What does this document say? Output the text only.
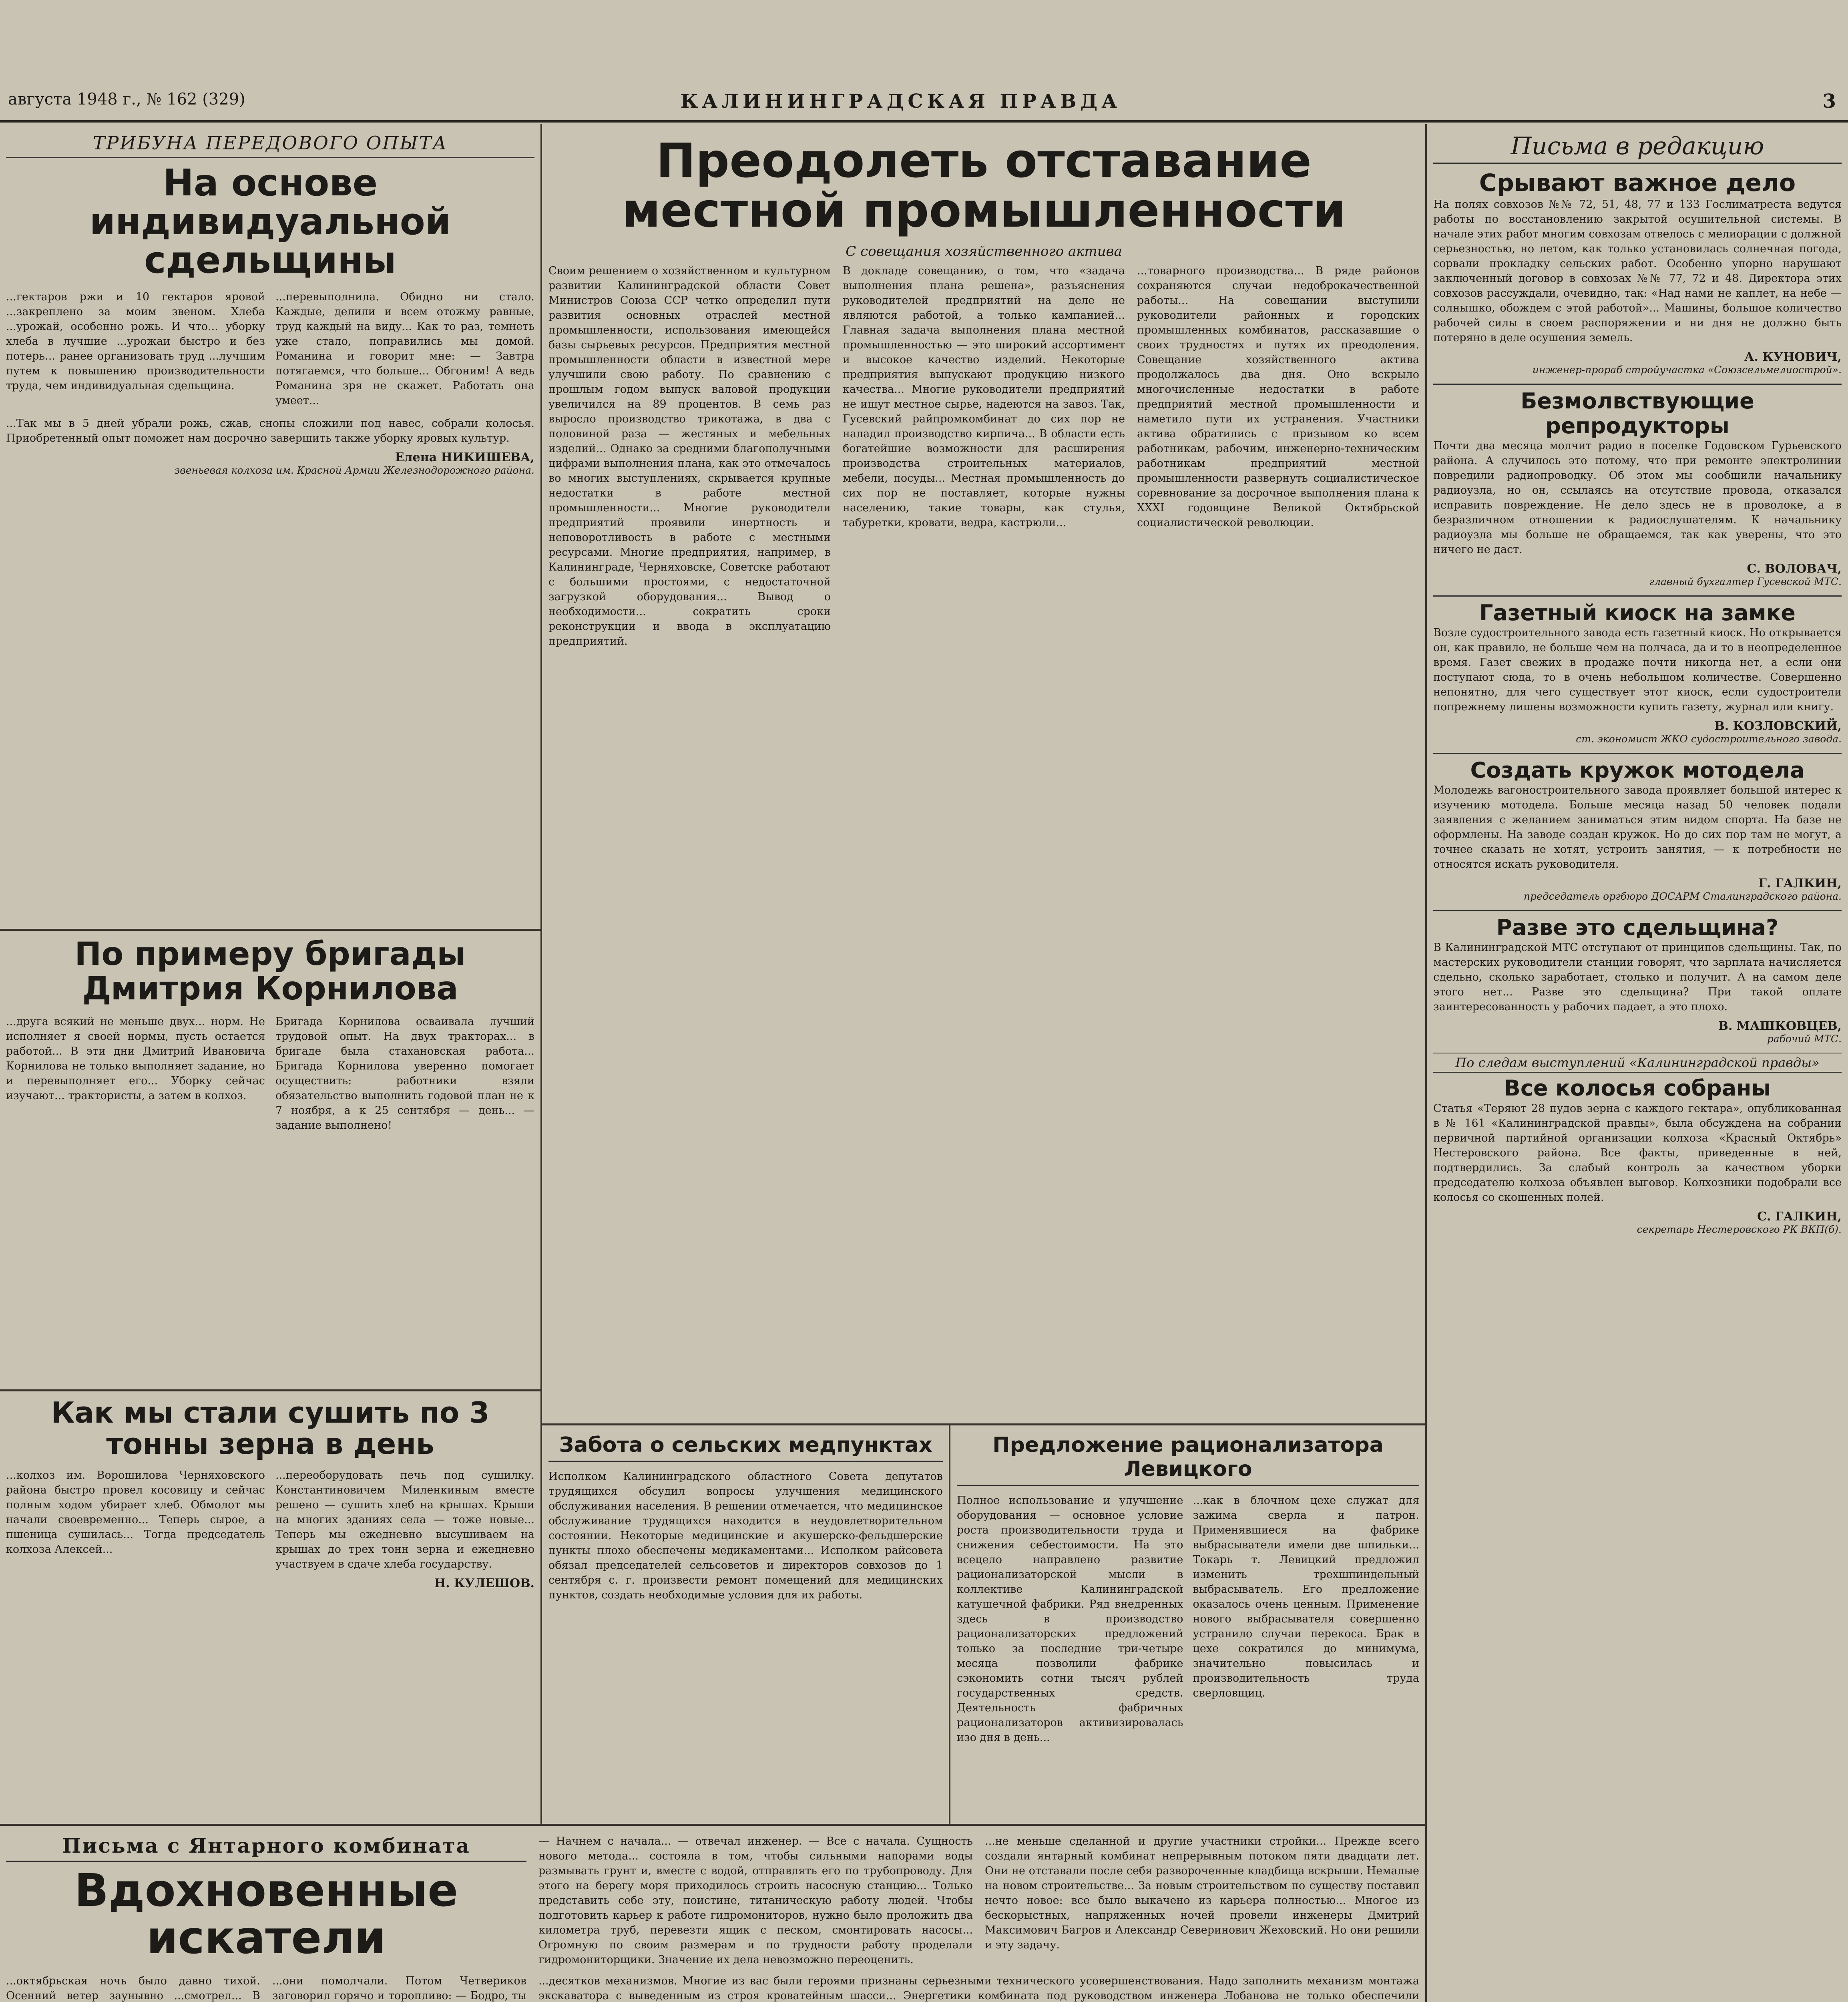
августа 1948 г., № 162 (329)	КАЛИНИНГРАДСКАЯ ПРАВДА	3
ТРИБУНА ПЕРЕДОВОГО ОПЫТА
На основе индивидуальной сдельщины
...гектаров ржи и 10 гектаров яровой ...закреплено за моим звеном. Хлеба ...урожай, особенно рожь. И что... уборку хлеба в лучшие ...урожаи быстро и без потерь... ранее организовать труд ...лучшим путем к повышению производительности труда, чем индивидуальная сдельщина.
...перевыполнила. Обидно ни стало. Каждые, делили и всем отожму равные, труд каждый на виду... Как то раз, темнеть уже стало, поправились мы домой. Романина и говорит мне: — Завтра потягаемся, что больше... Обгоним! А ведь Романина зря не скажет. Работать она умеет...
...Так мы в 5 дней убрали рожь, сжав, снопы сложили под навес, собрали колосья. Приобретенный опыт поможет нам досрочно завершить также уборку яровых культур.
Елена НИКИШЕВА,
звеньевая колхоза им. Красной Армии Железнодорожного района.
По примеру бригады Дмитрия Корнилова
...друга всякий не меньше двух... норм. Не исполняет я своей нормы, пусть остается работой... В эти дни Дмитрий Ивановича Корнилова не только выполняет задание, но и перевыполняет его... Уборку сейчас изучают... трактористы, а затем в колхоз.
Бригада Корнилова осваивала лучший трудовой опыт. На двух тракторах... в бригаде была стахановская работа... Бригада Корнилова уверенно помогает осуществить: работники взяли обязательство выполнить годовой план не к 7 ноября, а к 25 сентября — день... — задание выполнено!
Как мы стали сушить по 3 тонны зерна в день
...колхоз им. Ворошилова Черняховского района быстро провел косовицу и сейчас полным ходом убирает хлеб. Обмолот мы начали своевременно... Теперь сырое, а пшеница сушилась... Тогда председатель колхоза Алексей...
...переоборудовать печь под сушилку. Константиновичем Миленкиным вместе решено — сушить хлеб на крышах. Крыши на многих зданиях села — тоже новые... Теперь мы ежедневно высушиваем на крышах до трех тонн зерна и ежедневно участвуем в сдаче хлеба государству.
Н. КУЛЕШОВ.
Преодолеть отставание местной промышленности
С совещания хозяйственного актива
Своим решением о хозяйственном и культурном развитии Калининградской области Совет Министров Союза ССР четко определил пути развития основных отраслей местной промышленности, использования имеющейся базы сырьевых ресурсов. Предприятия местной промышленности области в известной мере улучшили свою работу. По сравнению с прошлым годом выпуск валовой продукции увеличился на 89 процентов. В семь раз выросло производство трикотажа, в два с половиной раза — жестяных и мебельных изделий... Однако за средними благополучными цифрами выполнения плана, как это отмечалось во многих выступлениях, скрывается крупные недостатки в работе местной промышленности... Многие руководители предприятий проявили инертность и неповоротливость в работе с местными ресурсами. Многие предприятия, например, в Калининграде, Черняховске, Советске работают с большими простоями, с недостаточной загрузкой оборудования... Вывод о необходимости... сократить сроки реконструкции и ввода в эксплуатацию предприятий.
В докладе совещанию, о том, что «задача выполнения плана решена», разъяснения руководителей предприятий на деле не являются работой, а только кампанией... Главная задача выполнения плана местной промышленностью — это широкий ассортимент и высокое качество изделий. Некоторые предприятия выпускают продукцию низкого качества... Многие руководители предприятий не ищут местное сырье, надеются на завоз. Так, Гусевский райпромкомбинат до сих пор не наладил производство кирпича... В области есть богатейшие возможности для расширения производства строительных материалов, мебели, посуды... Местная промышленность до сих пор не поставляет, которые нужны населению, такие товары, как стулья, табуретки, кровати, ведра, кастрюли...
...товарного производства... В ряде районов сохраняются случаи недоброкачественной работы... На совещании выступили руководители районных и городских промышленных комбинатов, рассказавшие о своих трудностях и путях их преодоления. Совещание хозяйственного актива продолжалось два дня. Оно вскрыло многочисленные недостатки в работе предприятий местной промышленности и наметило пути их устранения. Участники актива обратились с призывом ко всем работникам, рабочим, инженерно-техническим работникам предприятий местной промышленности развернуть социалистическое соревнование за досрочное выполнения плана к XXXI годовщине Великой Октябрьской социалистической революции.
Забота о сельских медпунктах
Исполком Калининградского областного Совета депутатов трудящихся обсудил вопросы улучшения медицинского обслуживания населения. В решении отмечается, что медицинское обслуживание трудящихся находится в неудовлетворительном состоянии. Некоторые медицинские и акушерско-фельдшерские пункты плохо обеспечены медикаментами... Исполком райсовета обязал председателей сельсоветов и директоров совхозов до 1 сентября с. г. произвести ремонт помещений для медицинских пунктов, создать необходимые условия для их работы.
Предложение рационализатора Левицкого
Полное использование и улучшение оборудования — основное условие роста производительности труда и снижения себестоимости. На это всецело направлено развитие рационализаторской мысли в коллективе Калининградской катушечной фабрики. Ряд внедренных здесь в производство рационализаторских предложений только за последние три-четыре месяца позволили фабрике сэкономить сотни тысяч рублей государственных средств. Деятельность фабричных рационализаторов активизировалась изо дня в день...
...как в блочном цехе служат для зажима сверла и патрон. Применявшиеся на фабрике выбрасыватели имели две шпильки... Токарь т. Левицкий предложил изменить трехшпиндельный выбрасыватель. Его предложение оказалось очень ценным. Применение нового выбрасывателя совершенно устранило случаи перекоса. Брак в цехе сократился до минимума, значительно повысилась и производительность труда сверловщиц.
Письма в редакцию
Срывают важное дело
На полях совхозов №№ 72, 51, 48, 77 и 133 Гослиматреста ведутся работы по восстановлению закрытой осушительной системы. В начале этих работ многим совхозам отвелось с мелиорации с должной серьезностью, но летом, как только установилась солнечная погода, сорвали прокладку сельских работ. Особенно упорно нарушают заключенный договор в совхозах №№ 77, 72 и 48. Директора этих совхозов рассуждали, очевидно, так: «Над нами не каплет, на небе — солнышко, обождем с этой работой»... Машины, большое количество рабочей силы в своем распоряжении и ни дня не должно быть потеряно в деле осушения земель.
А. КУНОВИЧ,
инженер-прораб стройучастка «Союзсельмелиострой».
Безмолвствующие репродукторы
Почти два месяца молчит радио в поселке Годовском Гурьевского района. А случилось это потому, что при ремонте электролинии повредили радиопроводку. Об этом мы сообщили начальнику радиоузла, но он, ссылаясь на отсутствие провода, отказался исправить повреждение. Не дело здесь не в проволоке, а в безразличном отношении к радиослушателям. К начальнику радиоузла мы больше не обращаемся, так как уверены, что это ничего не даст.
С. ВОЛОВАЧ,
главный бухгалтер Гусевской МТС.
Газетный киоск на замке
Возле судостроительного завода есть газетный киоск. Но открывается он, как правило, не больше чем на полчаса, да и то в неопределенное время. Газет свежих в продаже почти никогда нет, а если они поступают сюда, то в очень небольшом количестве. Совершенно непонятно, для чего существует этот киоск, если судостроители попрежнему лишены возможности купить газету, журнал или книгу.
В. КОЗЛОВСКИЙ,
ст. экономист ЖКО судостроительного завода.
Создать кружок мотодела
Молодежь вагоностроительного завода проявляет большой интерес к изучению мотодела. Больше месяца назад 50 человек подали заявления с желанием заниматься этим видом спорта. На базе не оформлены. На заводе создан кружок. Но до сих пор там не могут, а точнее сказать не хотят, устроить занятия, — к потребности не относятся искать руководителя.
Г. ГАЛКИН,
председатель оргбюро ДОСАРМ Сталинградского района.
Разве это сдельщина?
В Калининградской МТС отступают от принципов сдельщины. Так, по мастерских руководители станции говорят, что зарплата начисляется сдельно, сколько заработает, столько и получит. А на самом деле этого нет... Разве это сдельщина? При такой оплате заинтересованность у рабочих падает, а это плохо.
В. МАШКОВЦЕВ,
рабочий МТС.
По следам выступлений «Калининградской правды»
Все колосья собраны
Статья «Теряют 28 пудов зерна с каждого гектара», опубликованная в № 161 «Калининградской правды», была обсуждена на собрании первичной партийной организации колхоза «Красный Октябрь» Нестеровского района. Все факты, приведенные в ней, подтвердились. За слабый контроль за качеством уборки председателю колхоза объявлен выговор. Колхозники подобрали все колосья со скошенных полей.
С. ГАЛКИН,
секретарь Нестеровского РК ВКП(б).
Письма с Янтарного комбината
Вдохновенные искатели
— Начнем с начала... — отвечал инженер. — Все с начала. Сущность нового метода... состояла в том, чтобы сильными напорами воды размывать грунт и, вместе с водой, отправлять его по трубопроводу. Для этого на берегу моря приходилось строить насосную станцию... Только представить себе эту, поистине, титаническую работу людей. Чтобы подготовить карьер к работе гидромониторов, нужно было проложить два километра труб, перевезти ящик с песком, смонтировать насосы... Огромную по своим размерам и по трудности работу проделали гидромониторщики. Значение их дела невозможно переоценить.
...не меньше сделанной и другие участники стройки... Прежде всего создали янтарный комбинат непрерывным потоком пяти двадцати лет. Они не отставали после себя развороченные кладбища вскрыши. Немалые на новом строительстве... За новым строительством по существу поставил нечто новое: все было выкачено из карьера полностью... Многое из бескорыстных, напряженных ночей провели инженеры Дмитрий Максимович Багров и Александр Северинович Жеховский. Но они решили и эту задачу.
...октябрьская ночь было давно тихой. Осенний ветер заунывно ...смотрел... В
...они помолчали. Потом Четвериков заговорил горячо и торопливо: — Бодро, ты
...десятков механизмов. Многие из вас были героями признаны серьезными технического усовершенствования. Надо заполнить механизм монтажа экскаватора с выведенным из строя кроватейным шасси... Энергетики комбината под руководством инженера Лобанова не только обеспечили
